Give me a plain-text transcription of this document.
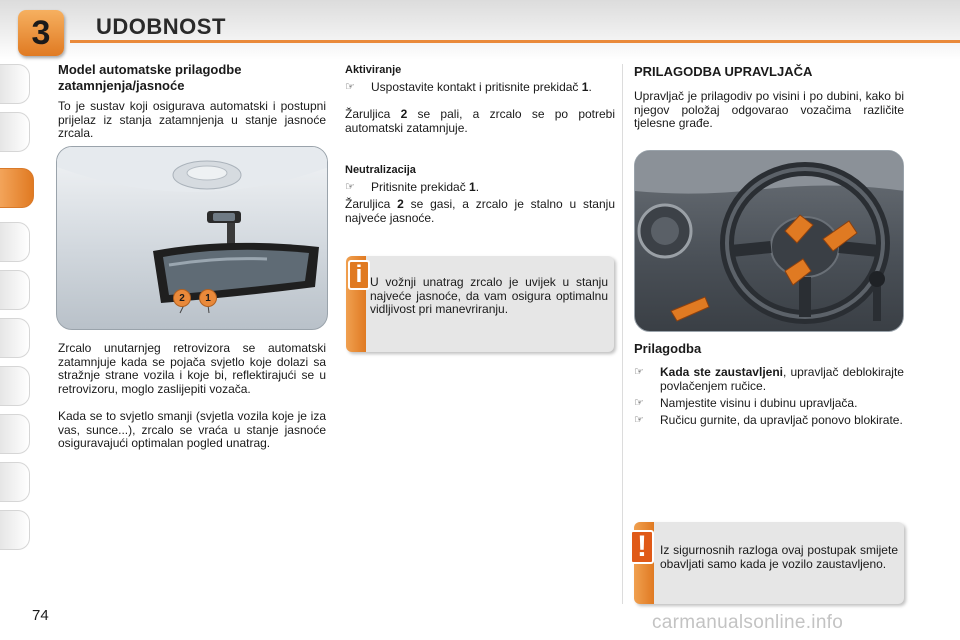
3 UDOBNOST
Model automatske prilagodbe zatamnjenja/jasnoće
To je sustav koji osigurava automatski i postupni prijelaz iz stanja zatamnjenja u stanje jasnoće zrcala.
2	1
Zrcalo unutarnjeg retrovizora se automatski zatamnjuje kada se pojača svjetlo koje dolazi sa stražnje strane vozila i koje bi, reflektirajući se u retrovizoru, moglo zaslijepiti vozača.
Kada se to svjetlo smanji (svjetla vozila koje je iza vas, sunce...), zrcalo se vraća u stanje jasnoće osiguravajući optimalan pogled unatrag.
Aktiviranje
☞	Uspostavite kontakt i pritisnite prekidač 1.
Žaruljica 2 se pali, a zrcalo se po potrebi automatski zatamnjuje.
Neutralizacija
☞	Pritisnite prekidač 1.
Žaruljica 2 se gasi, a zrcalo je stalno u stanju najveće jasnoće.
i U vožnji unatrag zrcalo je uvijek u stanju najveće jasnoće, da vam osigura optimalnu vidljivost pri manevriranju.
PRILAGODBA UPRAVLJAČA
Upravljač je prilagodiv po visini i po dubini, kako bi njegov položaj odgovarao vozačima različite tjelesne građe.
Prilagodba
☞	Kada ste zaustavljeni, upravljač deblokirajte povlačenjem ručice.
☞	Namjestite visinu i dubinu upravljača.
☞	Ručicu gurnite, da upravljač ponovo blokirate.
!	Iz sigurnosnih razloga ovaj postupak smijete obavljati samo kada je vozilo zaustavljeno.
74	carmanualsonline.info
